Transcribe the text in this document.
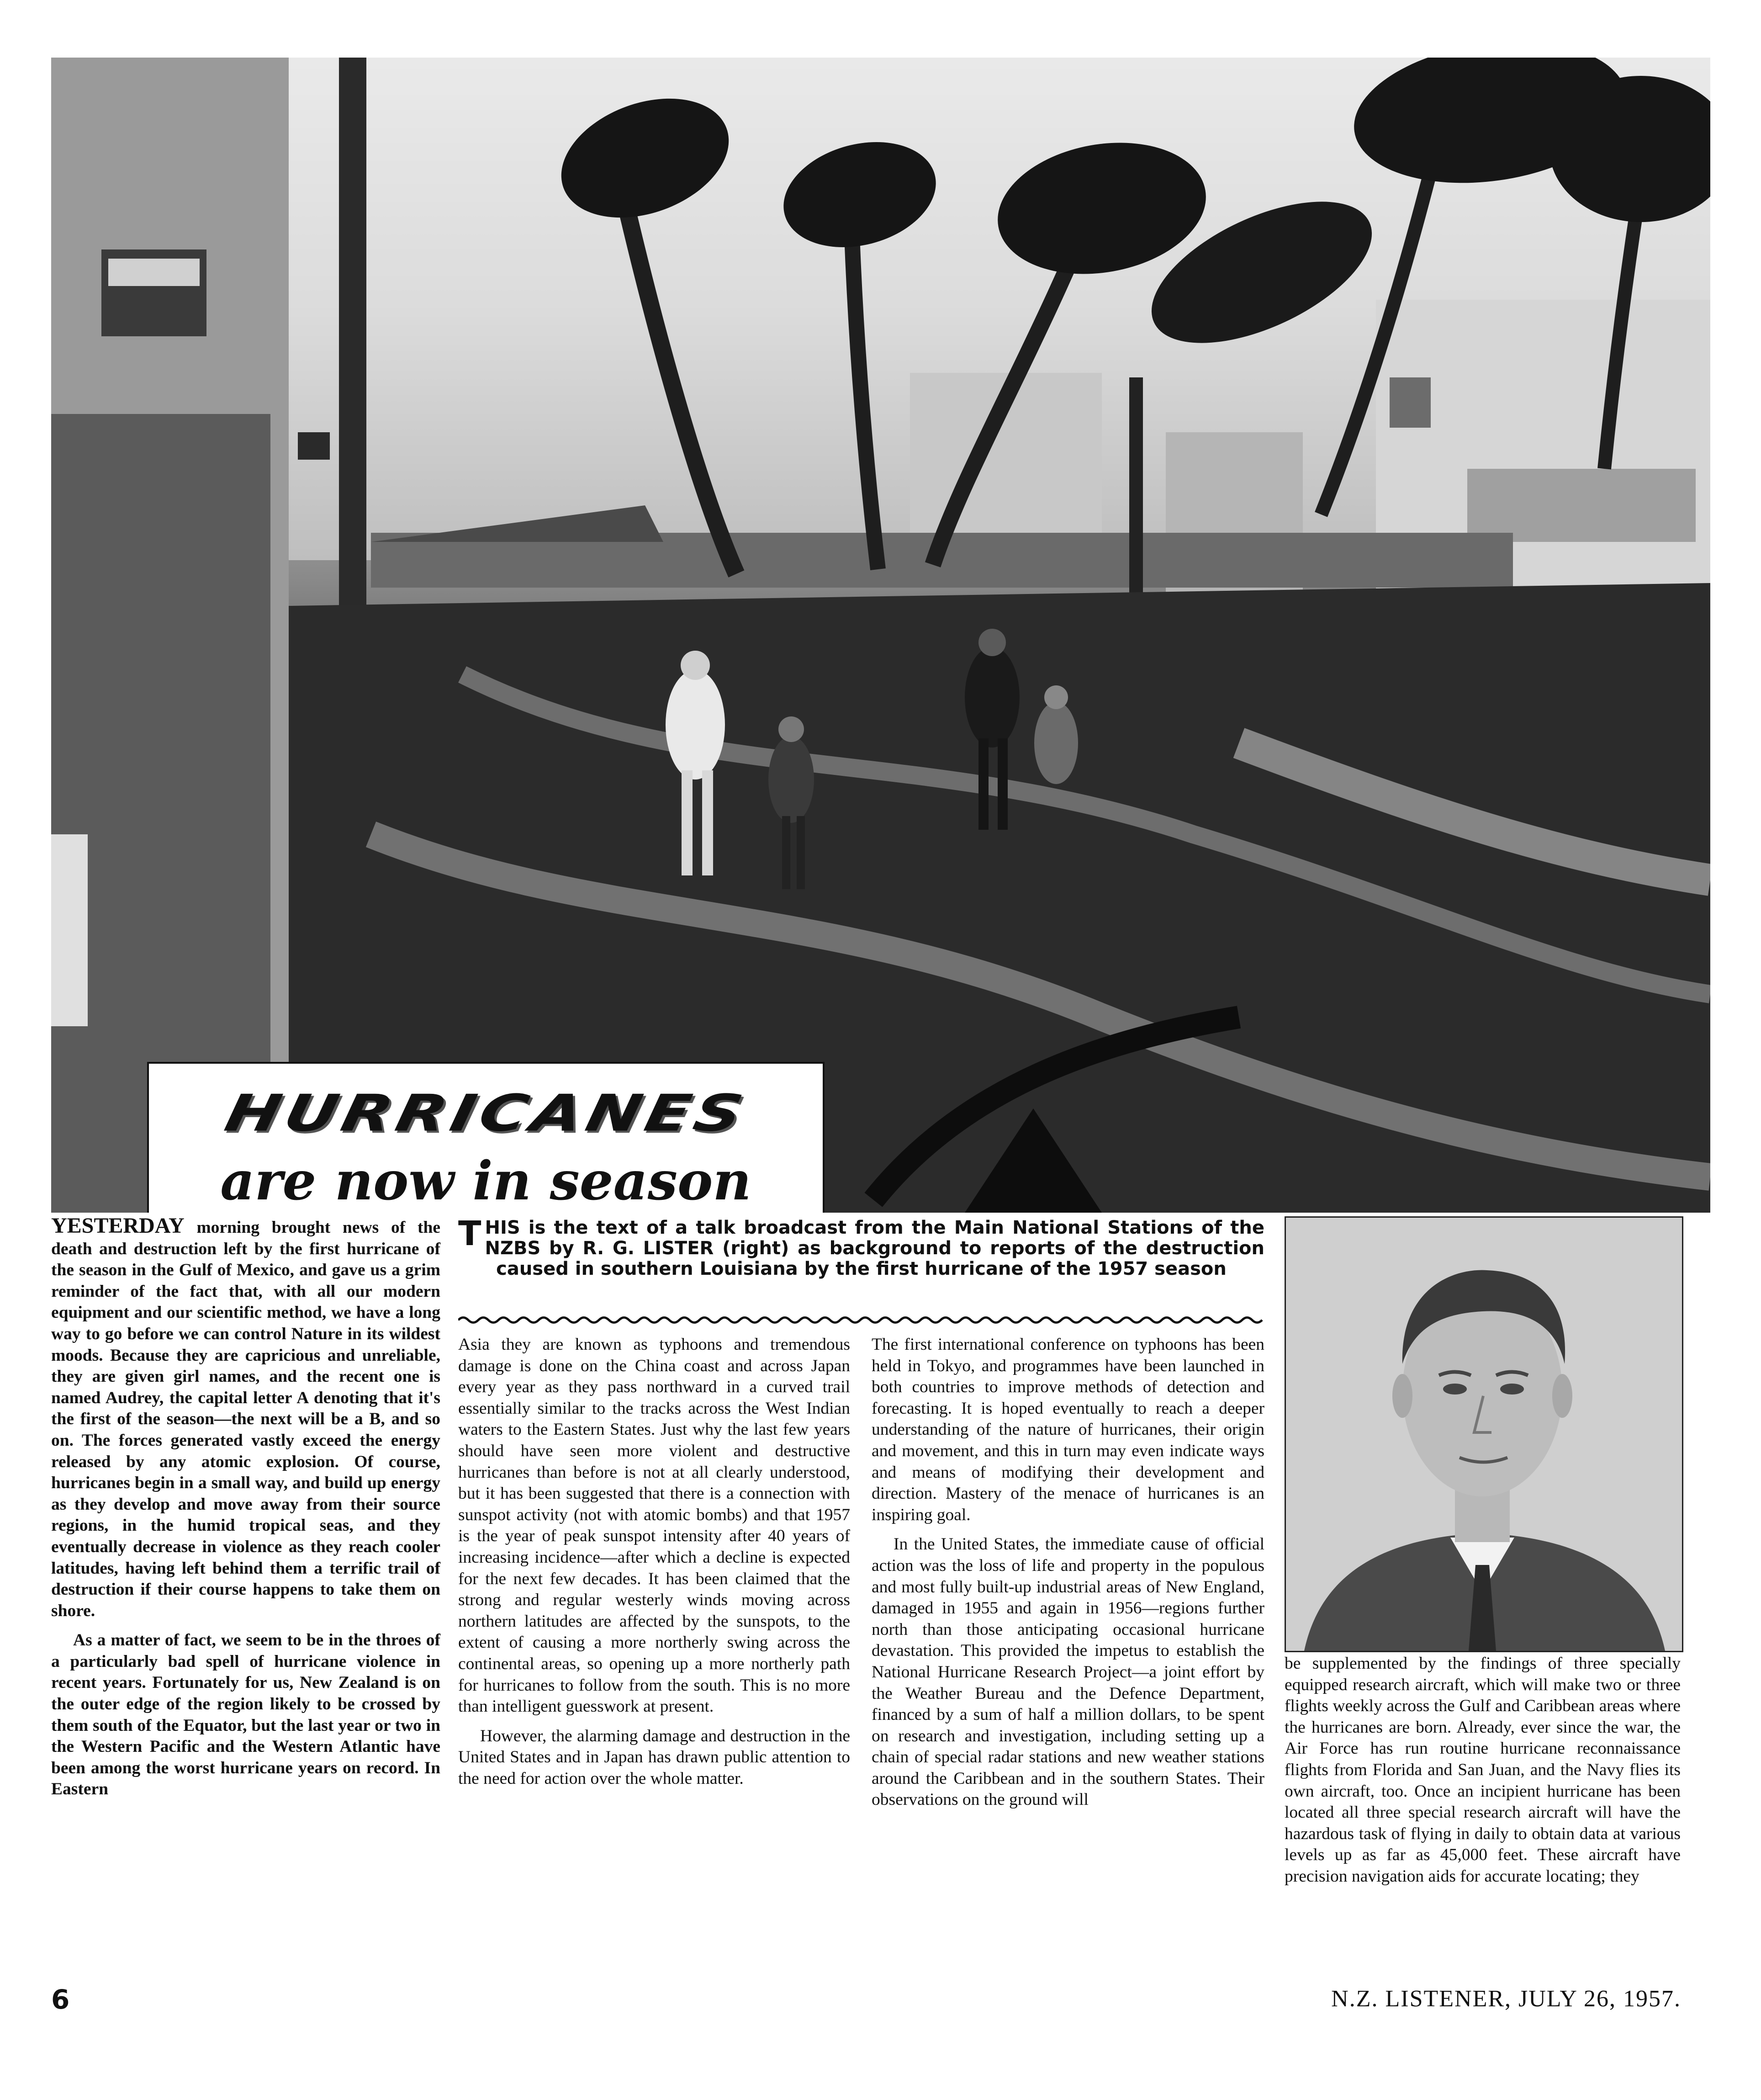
HURRICANES
are now in season

YESTERDAY morning brought news of the death and destruction left by the first hurricane of the season in the Gulf of Mexico, and gave us a grim reminder of the fact that, with all our modern equipment and our scientific method, we have a long way to go before we can control Nature in its wildest moods. Because they are capricious and unreliable, they are given girl names, and the recent one is named Audrey, the capital letter A denoting that it's the first of the season—the next will be a B, and so on. The forces generated vastly exceed the energy released by any atomic explosion. Of course, hurricanes begin in a small way, and build up energy as they develop and move away from their source regions, in the humid tropical seas, and they eventually decrease in violence as they reach cooler latitudes, having left behind them a terrific trail of destruction if their course happens to take them on shore.

As a matter of fact, we seem to be in the throes of a particularly bad spell of hurricane violence in recent years. Fortunately for us, New Zealand is on the outer edge of the region likely to be crossed by them south of the Equator, but the last year or two in the Western Pacific and the Western Atlantic have been among the worst hurricane years on record. In Eastern

THIS is the text of a talk broadcast from the Main National Stations of the NZBS by R. G. LISTER (right) as background to reports of the destruction caused in southern Louisiana by the first hurricane of the 1957 season

Asia they are known as typhoons and tremendous damage is done on the China coast and across Japan every year as they pass northward in a curved trail essentially similar to the tracks across the West Indian waters to the Eastern States. Just why the last few years should have seen more violent and destructive hurricanes than before is not at all clearly understood, but it has been suggested that there is a connection with sunspot activity (not with atomic bombs) and that 1957 is the year of peak sunspot intensity after 40 years of increasing incidence—after which a decline is expected for the next few decades. It has been claimed that the strong and regular westerly winds moving across northern latitudes are affected by the sunspots, to the extent of causing a more northerly swing across the continental areas, so opening up a more northerly path for hurricanes to follow from the south. This is no more than intelligent guesswork at present.

However, the alarming damage and destruction in the United States and in Japan has drawn public attention to the need for action over the whole matter.

The first international conference on typhoons has been held in Tokyo, and programmes have been launched in both countries to improve methods of detection and forecasting. It is hoped eventually to reach a deeper understanding of the nature of hurricanes, their origin and movement, and this in turn may even indicate ways and means of modifying their development and direction. Mastery of the menace of hurricanes is an inspiring goal.

In the United States, the immediate cause of official action was the loss of life and property in the populous and most fully built-up industrial areas of New England, damaged in 1955 and again in 1956—regions further north than those anticipating occasional hurricane devastation. This provided the impetus to establish the National Hurricane Research Project—a joint effort by the Weather Bureau and the Defence Department, financed by a sum of half a million dollars, to be spent on research and investigation, including setting up a chain of special radar stations and new weather stations around the Caribbean and in the southern States. Their observations on the ground will

be supplemented by the findings of three specially equipped research aircraft, which will make two or three flights weekly across the Gulf and Caribbean areas where the hurricanes are born. Already, ever since the war, the Air Force has run routine hurricane reconnaissance flights from Florida and San Juan, and the Navy flies its own aircraft, too. Once an incipient hurricane has been located all three special research aircraft will have the hazardous task of flying in daily to obtain data at various levels up as far as 45,000 feet. These aircraft have precision navigation aids for accurate locating; they

6	N.Z. LISTENER, JULY 26, 1957.
